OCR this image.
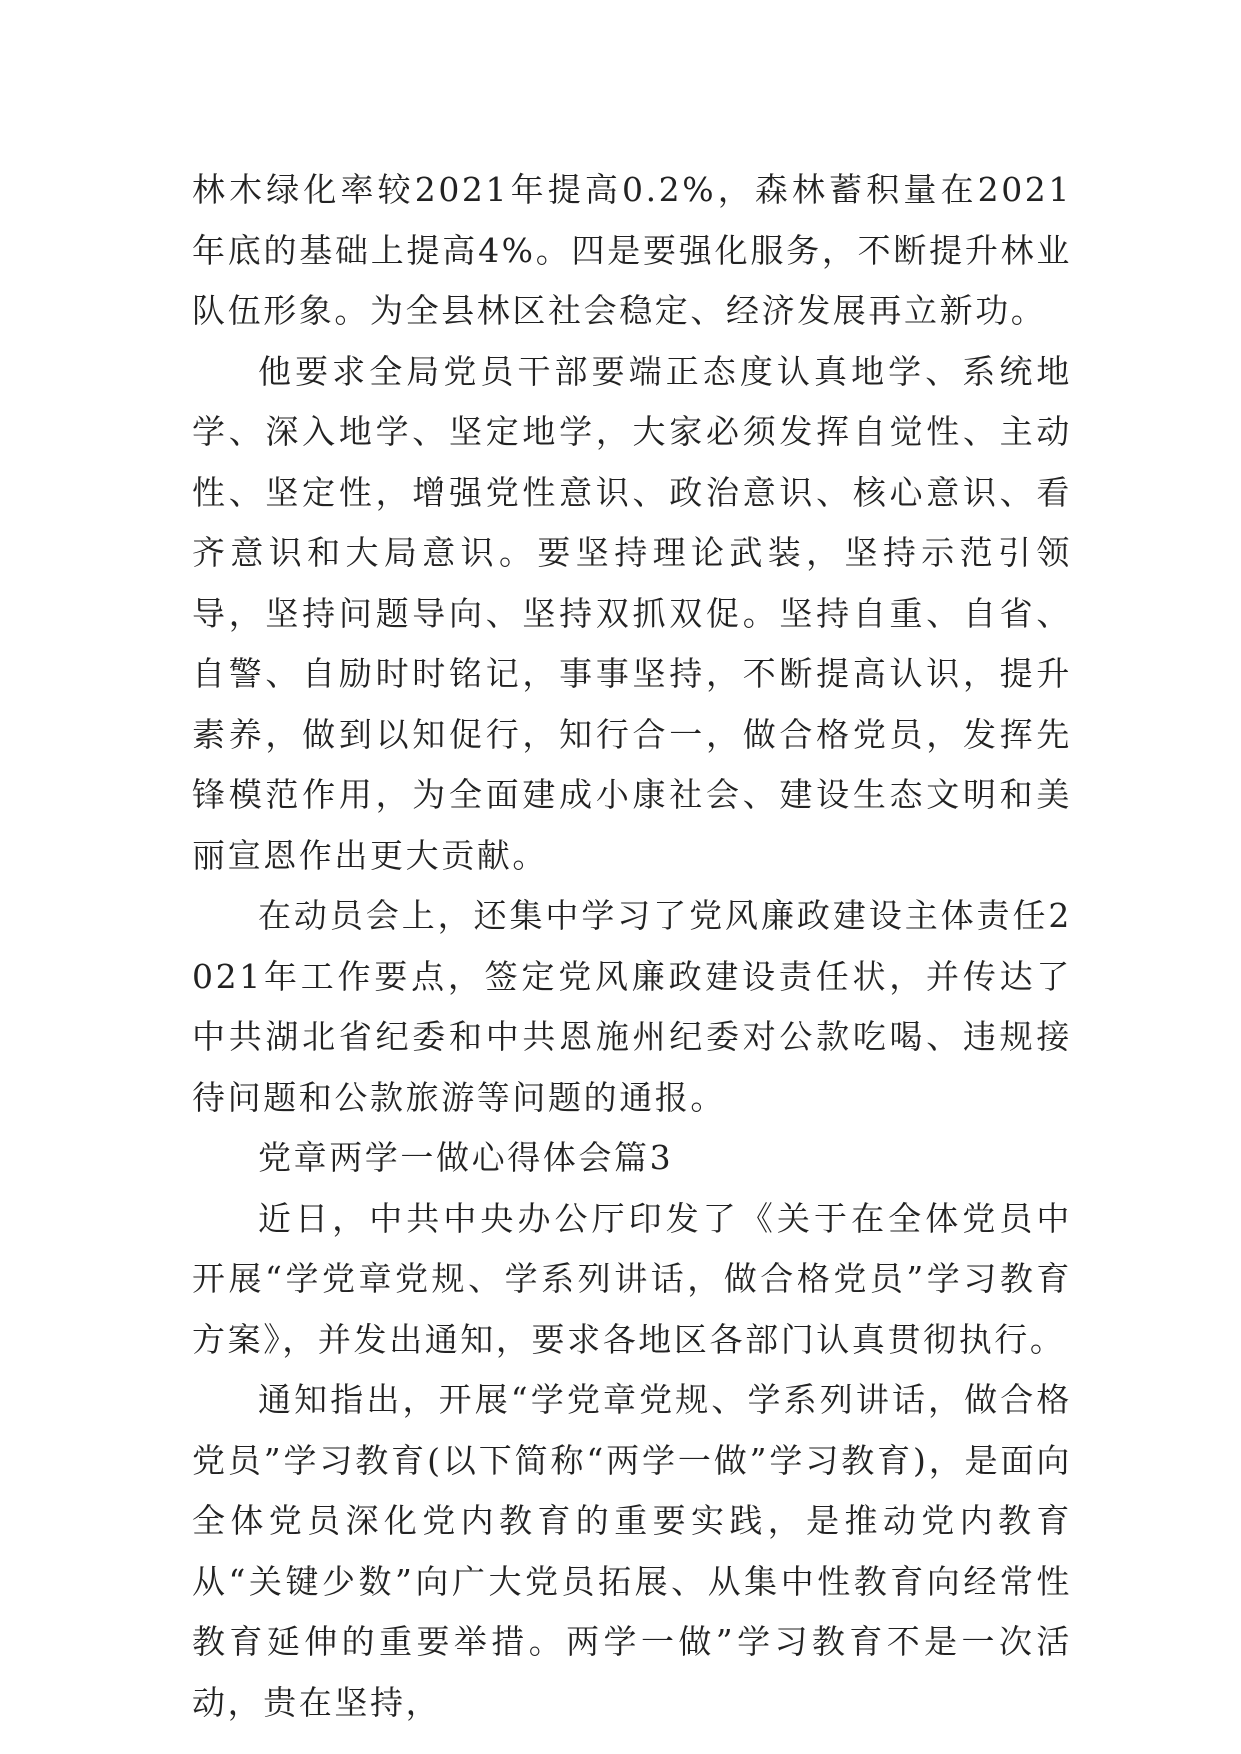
林木绿化率较2021年提高0.2%，森林蓄积量在2021年底的基础上提高4%。四是要强化服务，不断提升林业队伍形象。为全县林区社会稳定、经济发展再立新功。

他要求全局党员干部要端正态度认真地学、系统地学、深入地学、坚定地学，大家必须发挥自觉性、主动性、坚定性，增强党性意识、政治意识、核心意识、看齐意识和大局意识。要坚持理论武装，坚持示范引领导，坚持问题导向、坚持双抓双促。坚持自重、自省、自警、自励时时铭记，事事坚持，不断提高认识，提升素养，做到以知促行，知行合一，做合格党员，发挥先锋模范作用，为全面建成小康社会、建设生态文明和美丽宣恩作出更大贡献。

在动员会上，还集中学习了党风廉政建设主体责任2021年工作要点，签定党风廉政建设责任状，并传达了中共湖北省纪委和中共恩施州纪委对公款吃喝、违规接待问题和公款旅游等问题的通报。

党章两学一做心得体会篇3

近日，中共中央办公厅印发了《关于在全体党员中开展“学党章党规、学系列讲话，做合格党员”学习教育方案》，并发出通知，要求各地区各部门认真贯彻执行。

通知指出，开展“学党章党规、学系列讲话，做合格党员”学习教育(以下简称“两学一做”学习教育)，是面向全体党员深化党内教育的重要实践，是推动党内教育从“关键少数”向广大党员拓展、从集中性教育向经常性教育延伸的重要举措。两学一做”学习教育不是一次活动，贵在坚持，
